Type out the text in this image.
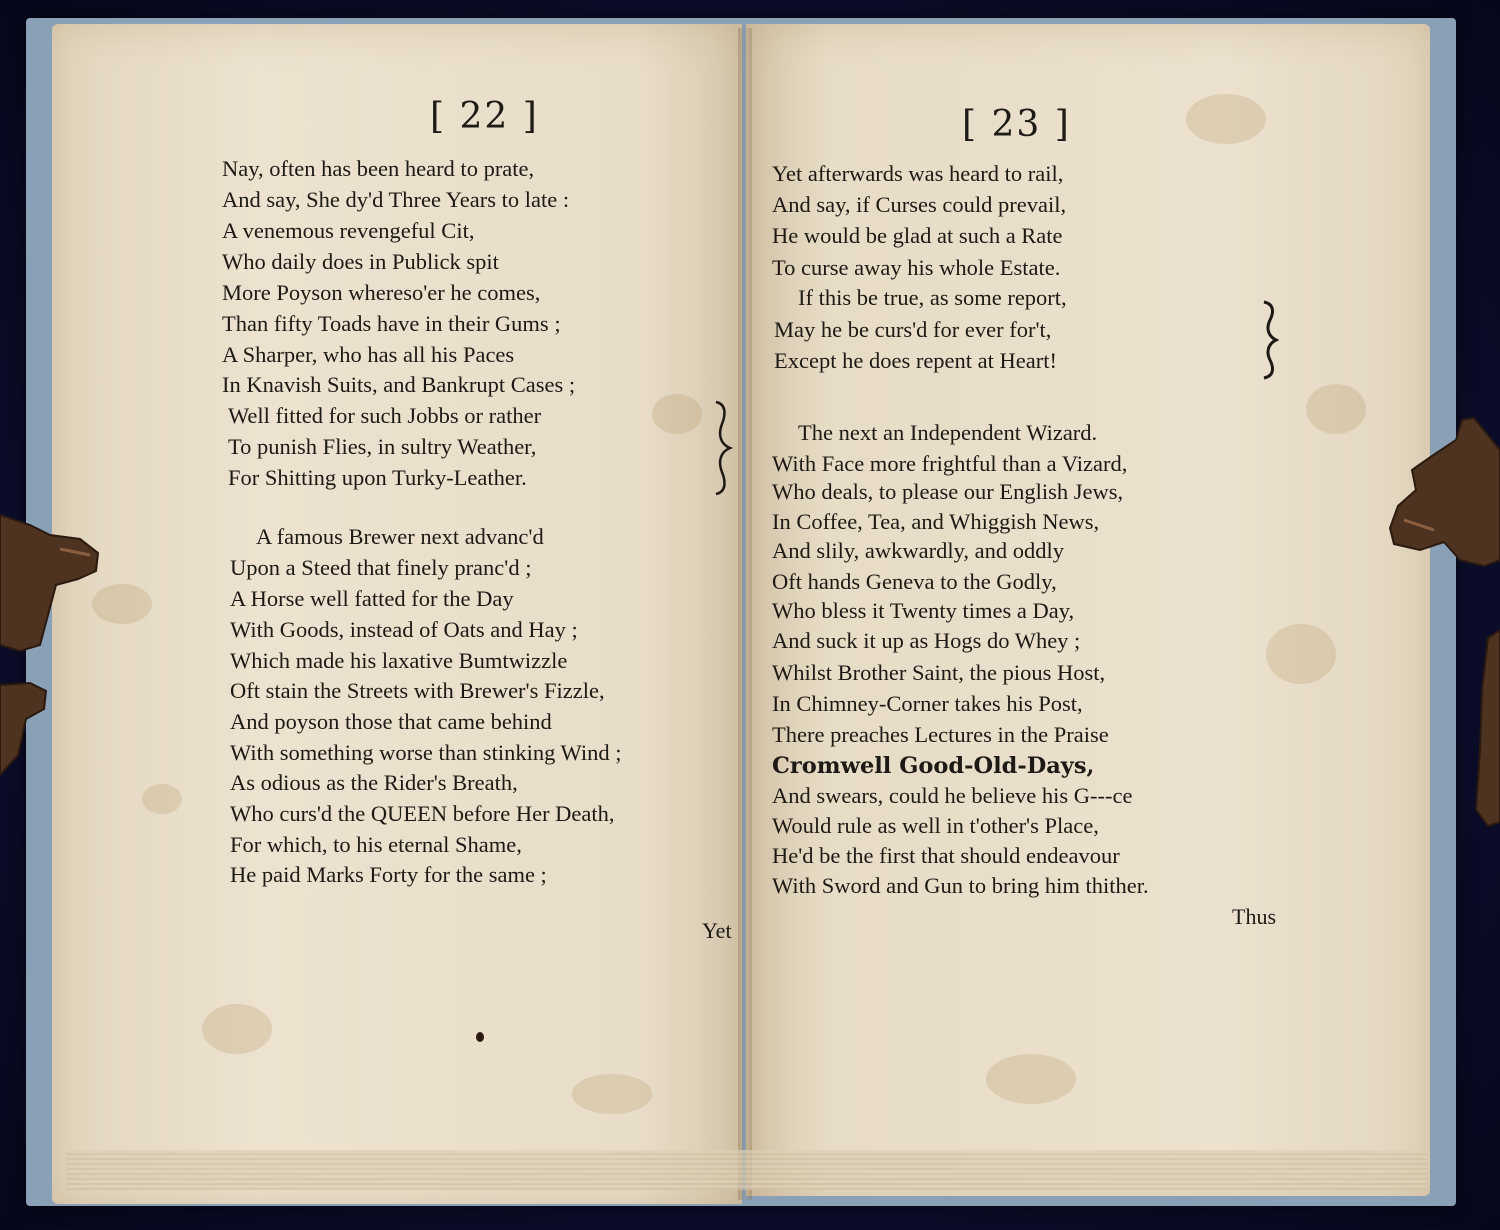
[ 22 ]	[ 23 ]
Nay, often has been heard to prate,
And say, She dy'd Three Years to late :
A venemous revengeful Cit,
Who daily does in Publick spit
More Poyson whereso'er he comes,
Than fifty Toads have in their Gums ;
A Sharper, who has all his Paces
In Knavish Suits, and Bankrupt Cases ;
Well fitted for such Jobbs or rather
To punish Flies, in sultry Weather,
For Shitting upon Turky-Leather.
A famous Brewer next advanc'd
Upon a Steed that finely pranc'd ;
A Horse well fatted for the Day
With Goods, instead of Oats and Hay ;
Which made his laxative Bumtwizzle
Oft stain the Streets with Brewer's Fizzle,
And poyson those that came behind
With something worse than stinking Wind ;
As odious as the Rider's Breath,
Who curs'd the QUEEN before Her Death,
For which, to his eternal Shame,
He paid Marks Forty for the same ;
Yet
Yet afterwards was heard to rail,
And say, if Curses could prevail,
He would be glad at such a Rate
To curse away his whole Estate.
If this be true, as some report,
May he be curs'd for ever for't,
Except he does repent at Heart!
The next an Independent Wizard.
With Face more frightful than a Vizard,
Who deals, to please our English Jews,
In Coffee, Tea, and Whiggish News,
And slily, awkwardly, and oddly
Oft hands Geneva to the Godly,
Who bless it Twenty times a Day,
And suck it up as Hogs do Whey ;
Whilst Brother Saint, the pious Host,
In Chimney-Corner takes his Post,
There preaches Lectures in the Praise
Cromwell Good-Old-Days,
And swears, could he believe his G---ce
Would rule as well in t'other's Place,
He'd be the first that should endeavour
With Sword and Gun to bring him thither.
Thus
